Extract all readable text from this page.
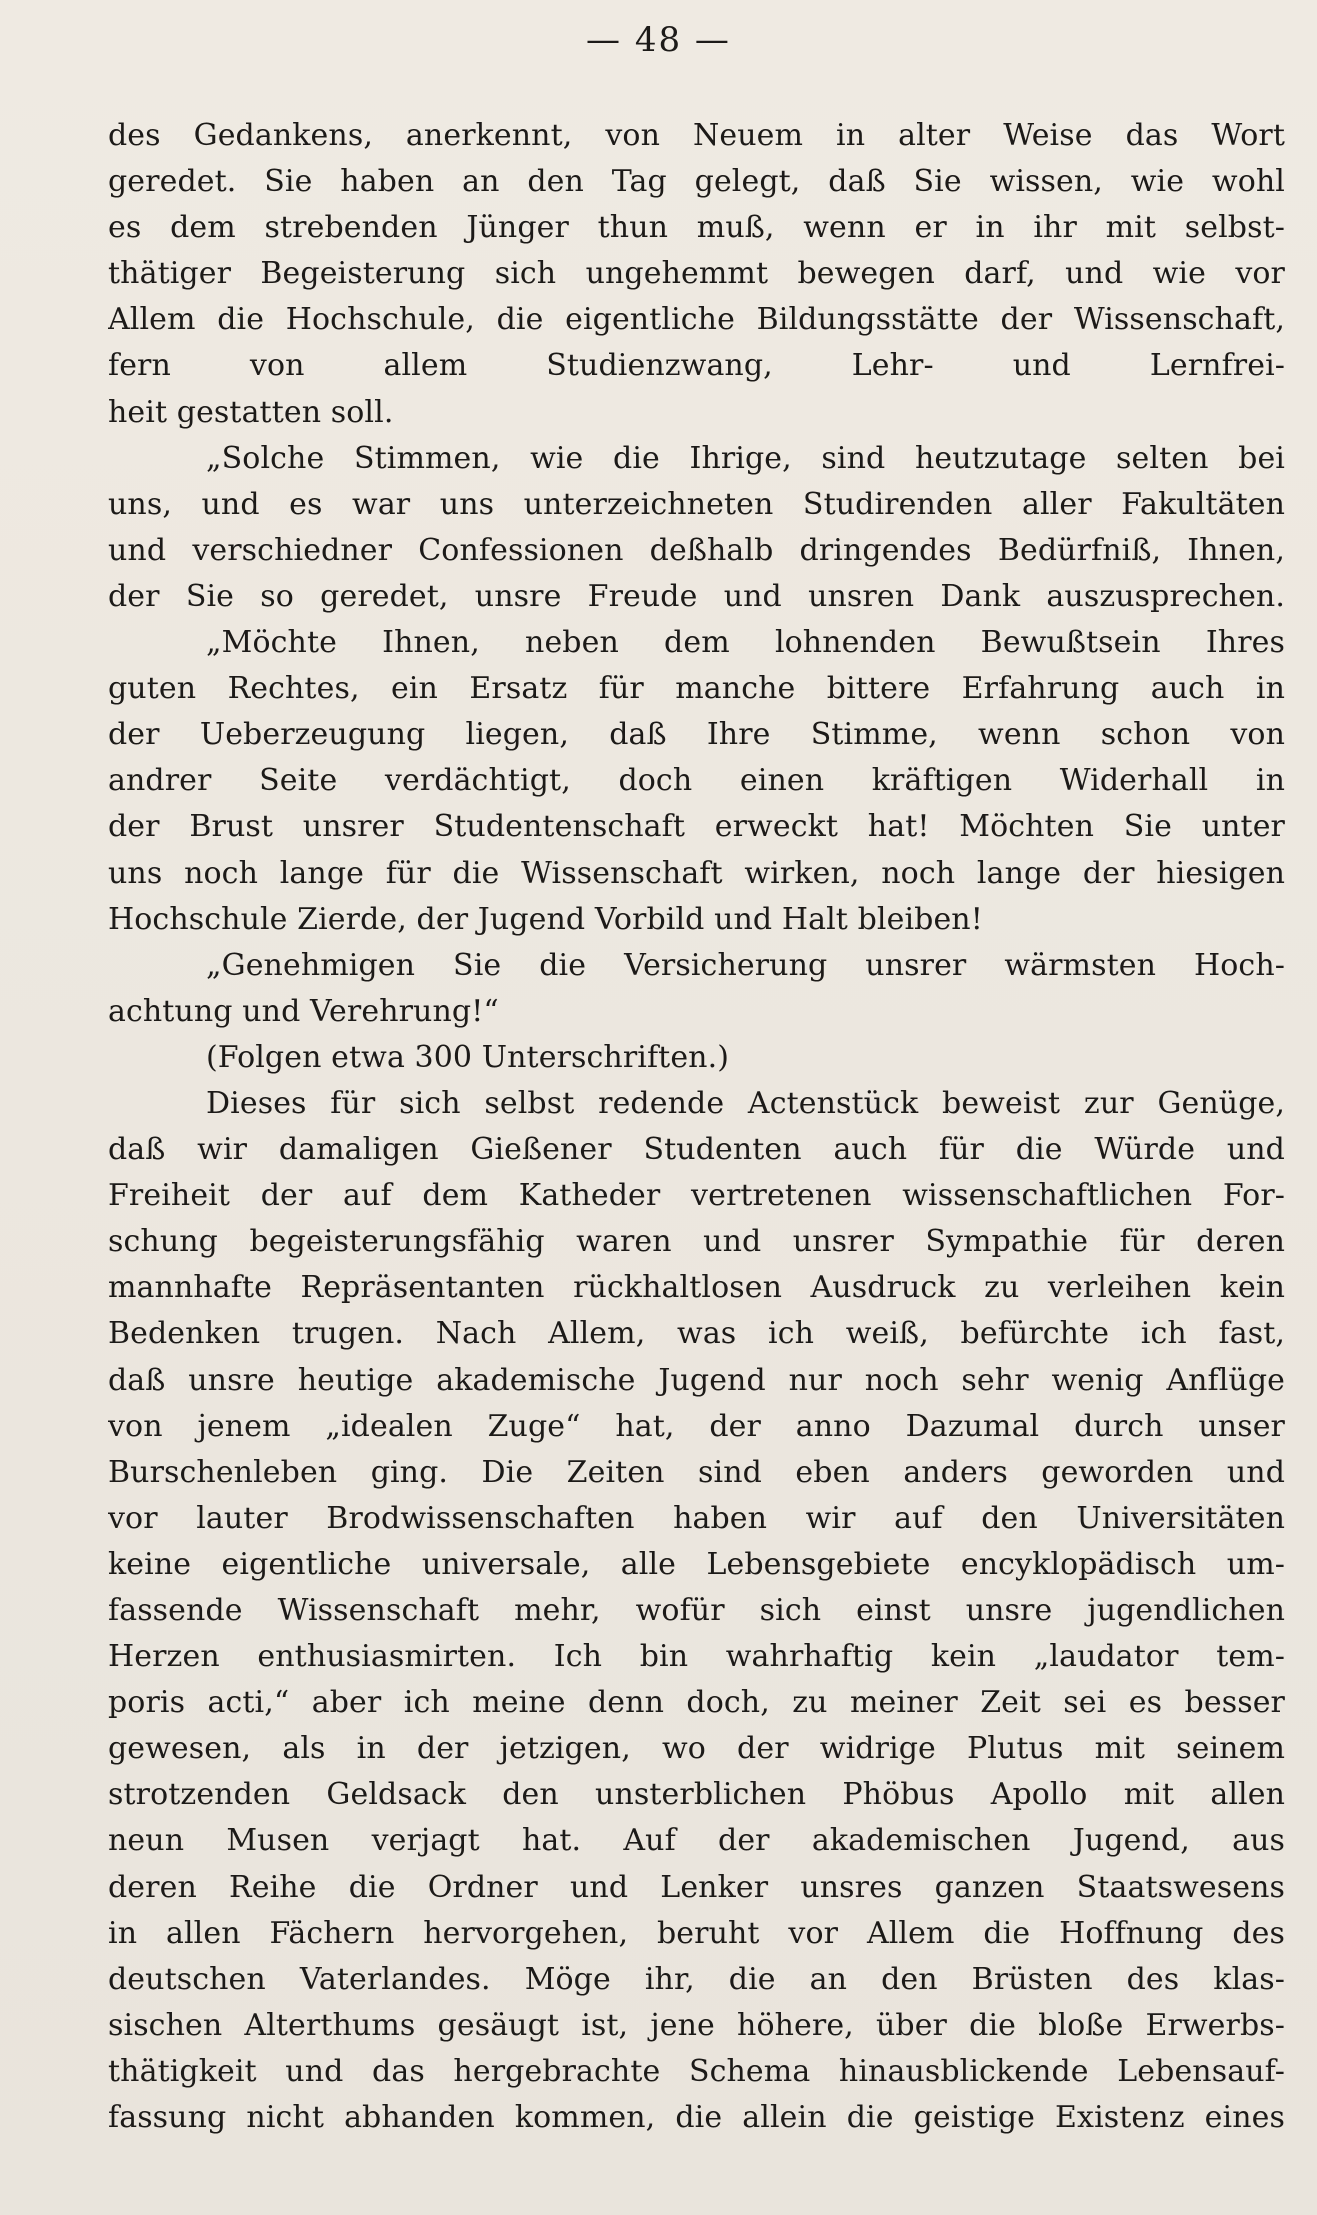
— 48 —
des Gedankens, anerkennt, von Neuem in alter Weise das Wort
geredet. Sie haben an den Tag gelegt, daß Sie wissen, wie wohl
es dem strebenden Jünger thun muß, wenn er in ihr mit selbst-
thätiger Begeisterung sich ungehemmt bewegen darf, und wie vor
Allem die Hochschule, die eigentliche Bildungsstätte der Wissenschaft,
fern von allem Studienzwang, Lehr- und Lernfrei-
heit gestatten soll.
„Solche Stimmen, wie die Ihrige, sind heutzutage selten bei
uns, und es war uns unterzeichneten Studirenden aller Fakultäten
und verschiedner Confessionen deßhalb dringendes Bedürfniß, Ihnen,
der Sie so geredet, unsre Freude und unsren Dank auszusprechen.
„Möchte Ihnen, neben dem lohnenden Bewußtsein Ihres
guten Rechtes, ein Ersatz für manche bittere Erfahrung auch in
der Ueberzeugung liegen, daß Ihre Stimme, wenn schon von
andrer Seite verdächtigt, doch einen kräftigen Widerhall in
der Brust unsrer Studentenschaft erweckt hat! Möchten Sie unter
uns noch lange für die Wissenschaft wirken, noch lange der hiesigen
Hochschule Zierde, der Jugend Vorbild und Halt bleiben!
„Genehmigen Sie die Versicherung unsrer wärmsten Hoch-
achtung und Verehrung!“
(Folgen etwa 300 Unterschriften.)
Dieses für sich selbst redende Actenstück beweist zur Genüge,
daß wir damaligen Gießener Studenten auch für die Würde und
Freiheit der auf dem Katheder vertretenen wissenschaftlichen For-
schung begeisterungsfähig waren und unsrer Sympathie für deren
mannhafte Repräsentanten rückhaltlosen Ausdruck zu verleihen kein
Bedenken trugen. Nach Allem, was ich weiß, befürchte ich fast,
daß unsre heutige akademische Jugend nur noch sehr wenig Anflüge
von jenem „idealen Zuge“ hat, der anno Dazumal durch unser
Burschenleben ging. Die Zeiten sind eben anders geworden und
vor lauter Brodwissenschaften haben wir auf den Universitäten
keine eigentliche universale, alle Lebensgebiete encyklopädisch um-
fassende Wissenschaft mehr, wofür sich einst unsre jugendlichen
Herzen enthusiasmirten. Ich bin wahrhaftig kein „laudator tem-
poris acti,“ aber ich meine denn doch, zu meiner Zeit sei es besser
gewesen, als in der jetzigen, wo der widrige Plutus mit seinem
strotzenden Geldsack den unsterblichen Phöbus Apollo mit allen
neun Musen verjagt hat. Auf der akademischen Jugend, aus
deren Reihe die Ordner und Lenker unsres ganzen Staatswesens
in allen Fächern hervorgehen, beruht vor Allem die Hoffnung des
deutschen Vaterlandes. Möge ihr, die an den Brüsten des klas-
sischen Alterthums gesäugt ist, jene höhere, über die bloße Erwerbs-
thätigkeit und das hergebrachte Schema hinausblickende Lebensauf-
fassung nicht abhanden kommen, die allein die geistige Existenz eines
